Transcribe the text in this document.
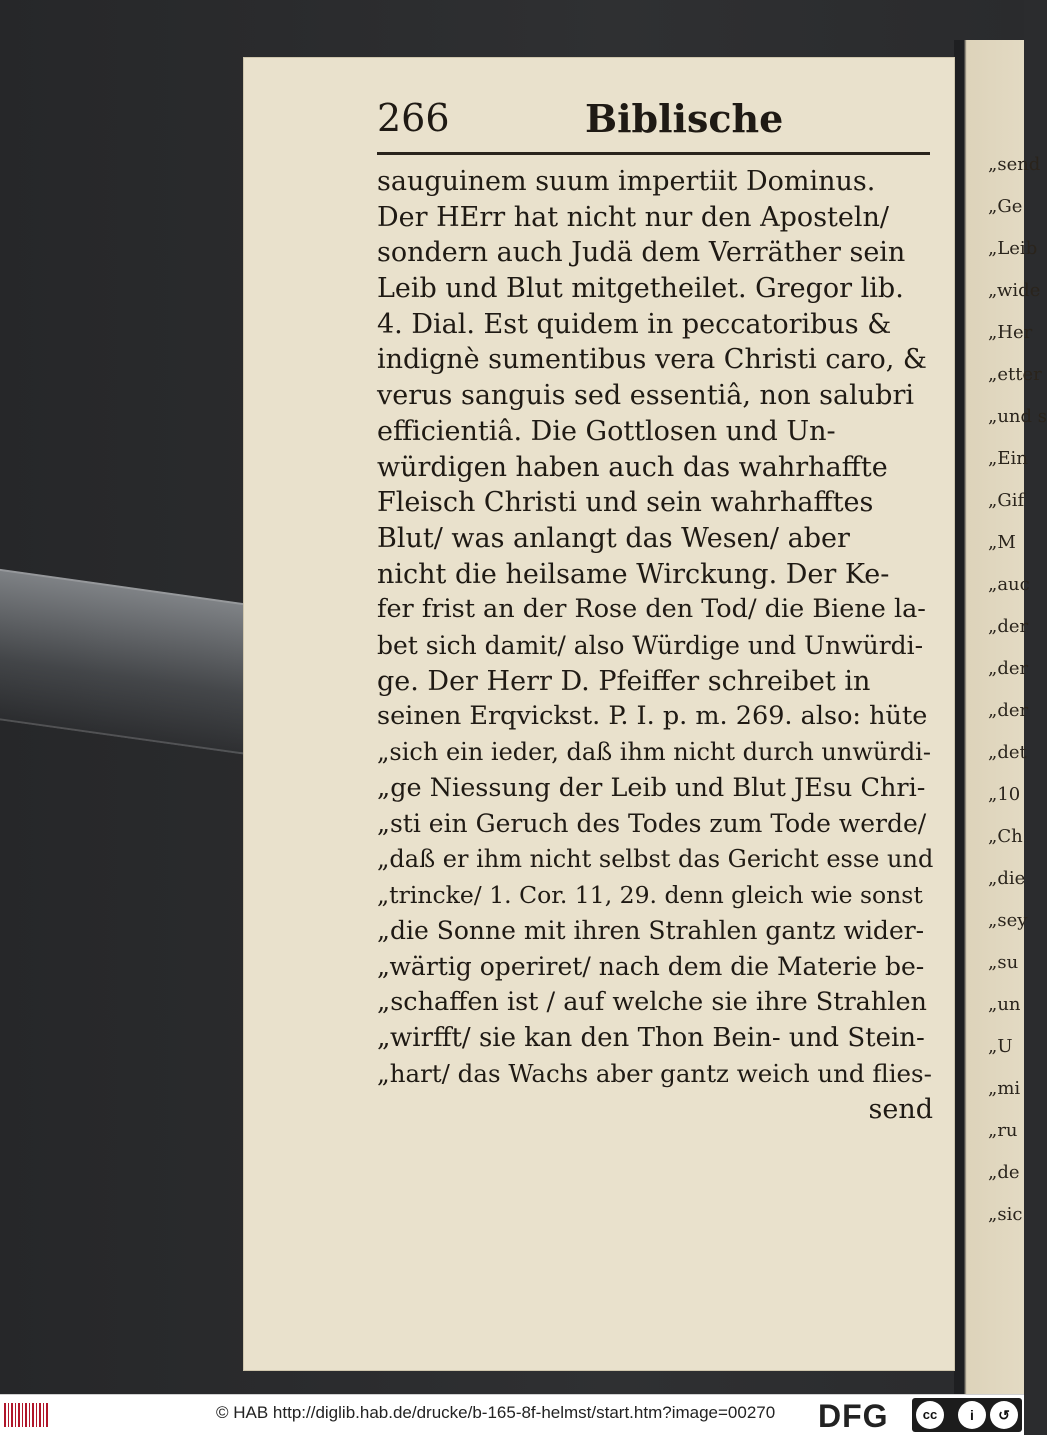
„send
„Ge
„Leib
„wide
„Her
„etter
„und s
„Ein
„Gif
„M
„auc
„der
„der
„der
„det
„10
„Ch
„die
„sey
„su
„un
„U
„mi
„ru
„de
„sic
266	Biblische
sauguinem suum impertiit Dominus.
Der HErr hat nicht nur den Aposteln/
sondern auch Judä dem Verräther sein
Leib und Blut mitgetheilet. Gregor lib.
4. Dial. Est quidem in peccatoribus &
indignè sumentibus vera Christi caro, &
verus sanguis sed essentiâ, non salubri
efficientiâ. Die Gottlosen und Un-
würdigen haben auch das wahrhaffte
Fleisch Christi und sein wahrhafftes
Blut/ was anlangt das Wesen/ aber
nicht die heilsame Wirckung. Der Ke-
fer frist an der Rose den Tod/ die Biene la-
bet sich damit/ also Würdige und Unwürdi-
ge. Der Herr D. Pfeiffer schreibet in
seinen Erqvickst. P. I. p. m. 269. also: hüte
„sich ein ieder, daß ihm nicht durch unwürdi-
„ge Niessung der Leib und Blut JEsu Chri-
„sti ein Geruch des Todes zum Tode werde/
„daß er ihm nicht selbst das Gericht esse und
„trincke/ 1. Cor. 11, 29. denn gleich wie sonst
„die Sonne mit ihren Strahlen gantz wider-
„wärtig operiret/ nach dem die Materie be-
„schaffen ist / auf welche sie ihre Strahlen
„wirfft/ sie kan den Thon Bein- und Stein-
„hart/ das Wachs aber gantz weich und flies-
send
© HAB http://diglib.hab.de/drucke/b-165-8f-helmst/start.htm?image=00270 DFG	cc	i	↺
BY	SA
